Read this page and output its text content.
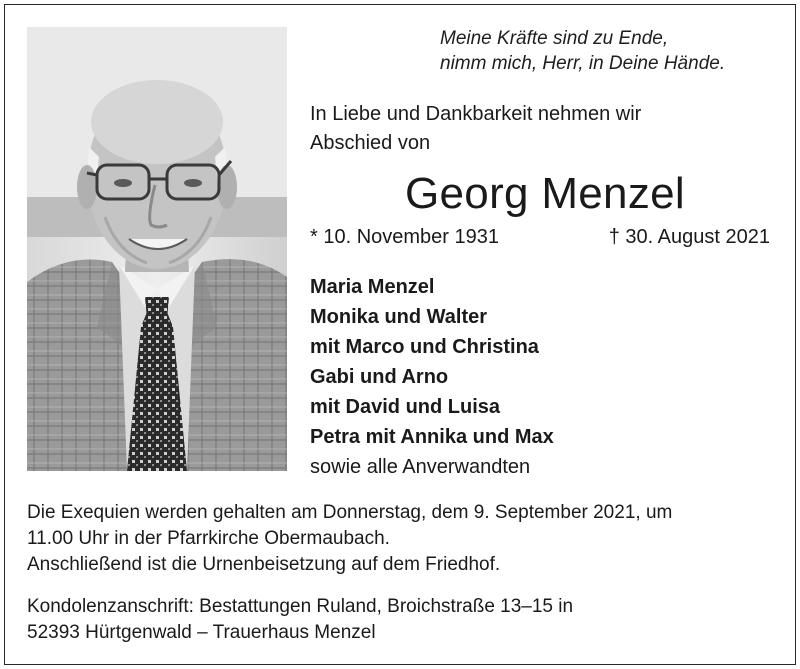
Meine Kräfte sind zu Ende,
nimm mich, Herr, in Deine Hände.
In Liebe und Dankbarkeit nehmen wir
Abschied von
Georg Menzel
* 10. November 1931	† 30. August 2021
Maria Menzel
Monika und Walter
mit Marco und Christina
Gabi und Arno
mit David und Luisa
Petra mit Annika und Max
sowie alle Anverwandten
Die Exequien werden gehalten am Donnerstag, dem 9. September 2021, um
11.00 Uhr in der Pfarrkirche Obermaubach.
Anschließend ist die Urnenbeisetzung auf dem Friedhof.
Kondolenzanschrift: Bestattungen Ruland, Broichstraße 13–15 in
52393 Hürtgenwald – Trauerhaus Menzel
